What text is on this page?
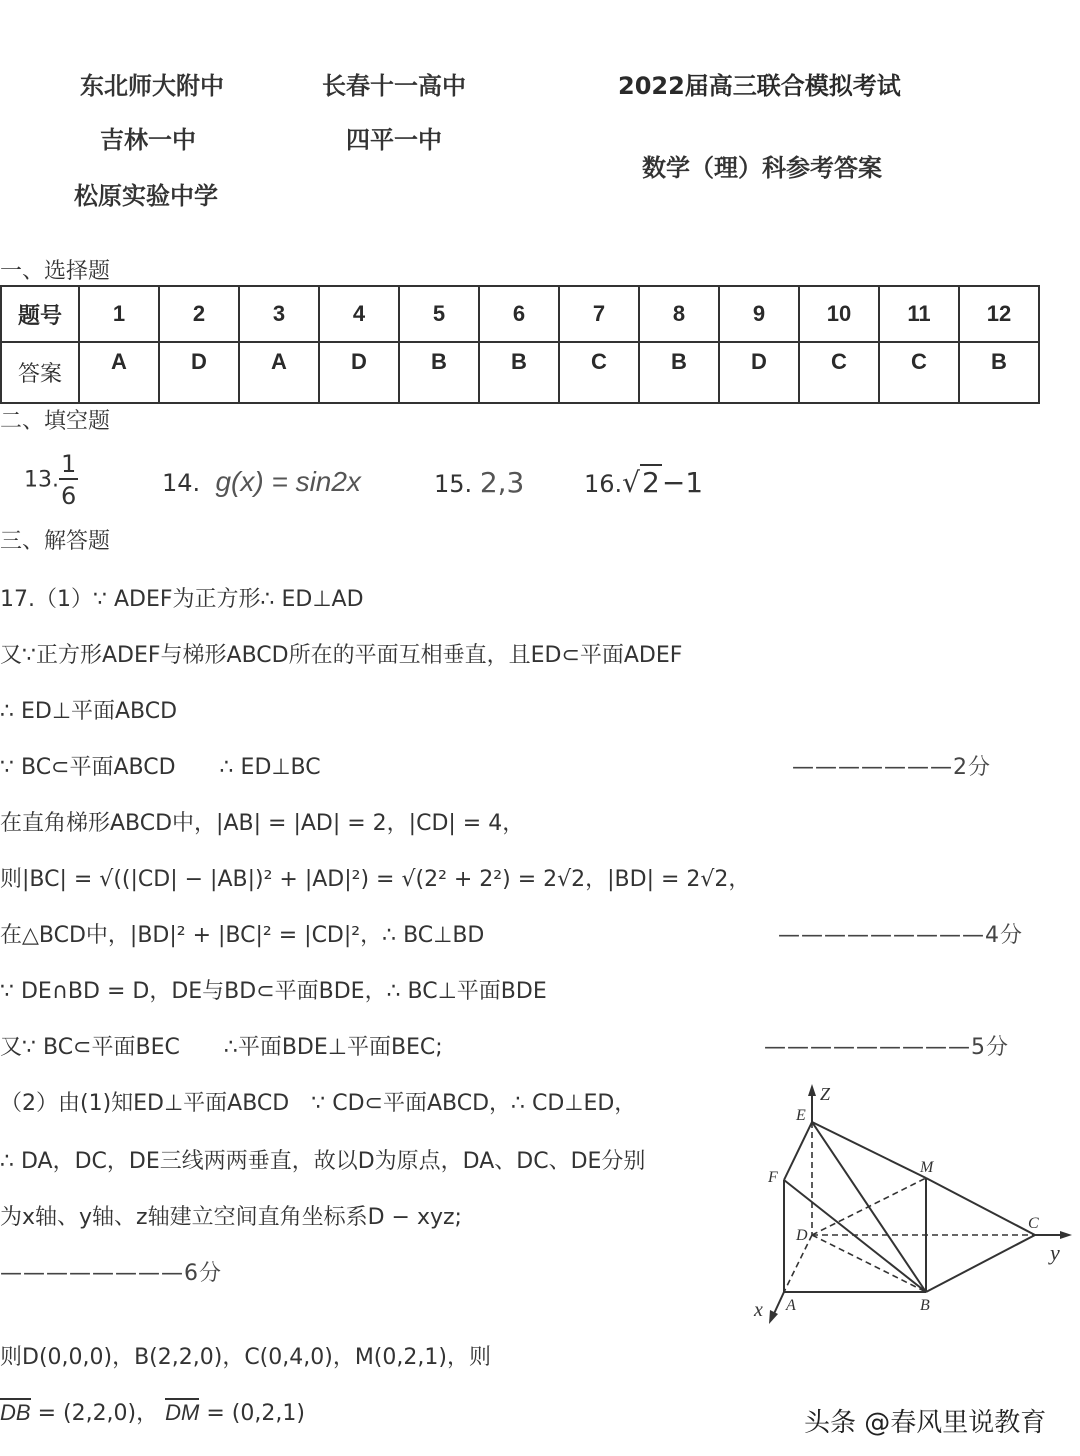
东北师大附中	长春十一高中
吉林一中	四平一中
松原实验中学
2022届高三联合模拟考试
数学（理）科参考答案
一、选择题
题号	1	2	3	4	5	6	7	8	9	10	11	12
答案	A	D	A	D	B	B	C	B	D	C	C	B
二、填空题
13. $\frac{1}{6}$	14. g(x) = sin2x	15. 2,3 16.√2−1
三、解答题
17.（1）∵ ADEF为正方形∴ ED⊥AD
又∵正方形ADEF与梯形ABCD所在的平面互相垂直，且ED⊂平面ADEF
∴ ED⊥平面ABCD
∵ BC⊂平面ABCD　　∴ ED⊥BC	———————2分
在直角梯形ABCD中，|AB| = |AD| = 2，|CD| = 4，
则|BC| = √((|CD| − |AB|)² + |AD|²) = √(2² + 2²) = 2√2，|BD| = 2√2，
在△BCD中，|BD|² + |BC|² = |CD|²，∴ BC⊥BD	—————————4分
∵ DE∩BD = D，DE与BD⊂平面BDE，∴ BC⊥平面BDE
又∵ BC⊂平面BEC　　∴平面BDE⊥平面BEC;	—————————5分
（2）由(1)知ED⊥平面ABCD　∵ CD⊂平面ABCD，∴ CD⊥ED，
∴ DA，DC，DE三线两两垂直，故以D为原点，DA、DC、DE分别
为x轴、y轴、z轴建立空间直角坐标系D − xyz;
————————6分
则D(0,0,0)，B(2,2,0)，C(0,4,0)，M(0,2,1)，则
DB = (2,2,0)， DM = (0,2,1)
E
F
M
D
C
A	B
x
y
Z
头条 @春风里说教育
